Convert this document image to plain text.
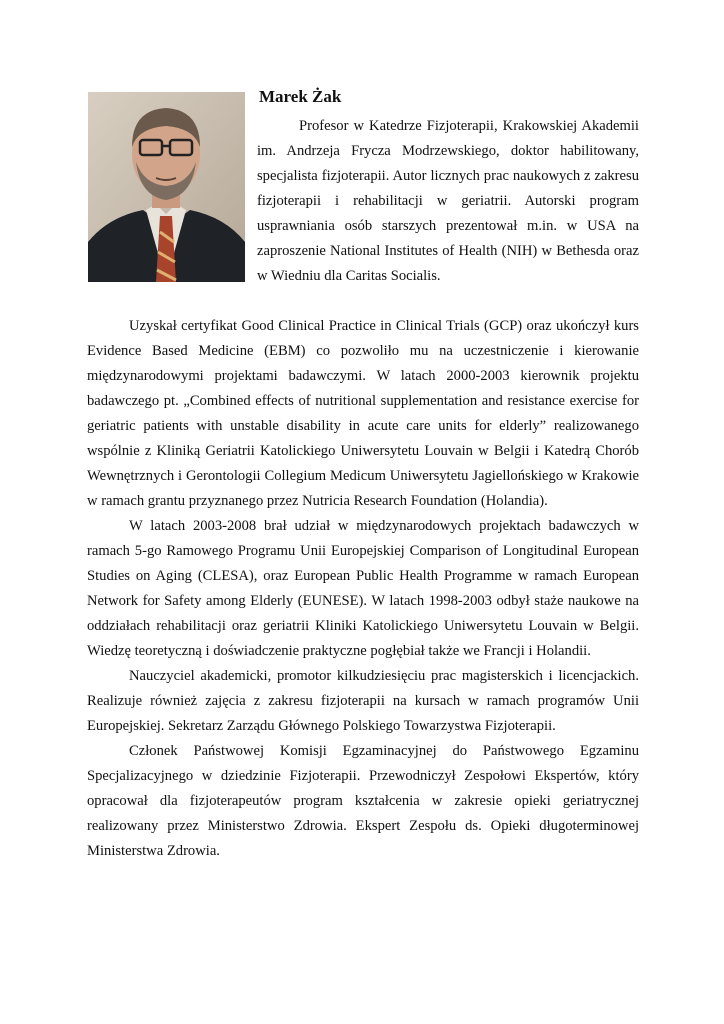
Marek Żak

Profesor w Katedrze Fizjoterapii, Krakowskiej Akademii im. Andrzeja Frycza Modrzewskiego, doktor habilitowany, specjalista fizjoterapii. Autor licznych prac naukowych z zakresu fizjoterapii i rehabilitacji w geriatrii. Autorski program usprawniania osób starszych prezentował m.in. w USA na zaproszenie National Institutes of Health (NIH) w Bethesda oraz w Wiedniu dla Caritas Socialis.

Uzyskał certyfikat Good Clinical Practice in Clinical Trials (GCP) oraz ukończył kurs Evidence Based Medicine (EBM) co pozwoliło mu na uczestniczenie i kierowanie międzynarodowymi projektami badawczymi. W latach 2000-2003 kierownik projektu badawczego pt. „Combined effects of nutritional supplementation and resistance exercise for geriatric patients with unstable disability in acute care units for elderly” realizowanego wspólnie z Kliniką Geriatrii Katolickiego Uniwersytetu Louvain w Belgii i Katedrą Chorób Wewnętrznych i Gerontologii Collegium Medicum Uniwersytetu Jagiellońskiego w Krakowie w ramach grantu przyznanego przez Nutricia Research Foundation (Holandia).

W latach 2003-2008 brał udział w międzynarodowych projektach badawczych w ramach 5-go Ramowego Programu Unii Europejskiej Comparison of Longitudinal European Studies on Aging (CLESA), oraz European Public Health Programme w ramach European Network for Safety among Elderly (EUNESE). W latach 1998-2003 odbył staże naukowe na oddziałach rehabilitacji oraz geriatrii Kliniki Katolickiego Uniwersytetu Louvain w Belgii. Wiedzę teoretyczną i doświadczenie praktyczne pogłębiał także we Francji i Holandii.

Nauczyciel akademicki, promotor kilkudziesięciu prac magisterskich i licencjackich. Realizuje również zajęcia z zakresu fizjoterapii na kursach w ramach programów Unii Europejskiej. Sekretarz Zarządu Głównego Polskiego Towarzystwa Fizjoterapii.

Członek Państwowej Komisji Egzaminacyjnej do Państwowego Egzaminu Specjalizacyjnego w dziedzinie Fizjoterapii. Przewodniczył Zespołowi Ekspertów, który opracował dla fizjoterapeutów program kształcenia w zakresie opieki geriatrycznej realizowany przez Ministerstwo Zdrowia. Ekspert Zespołu ds. Opieki długoterminowej Ministerstwa Zdrowia.
